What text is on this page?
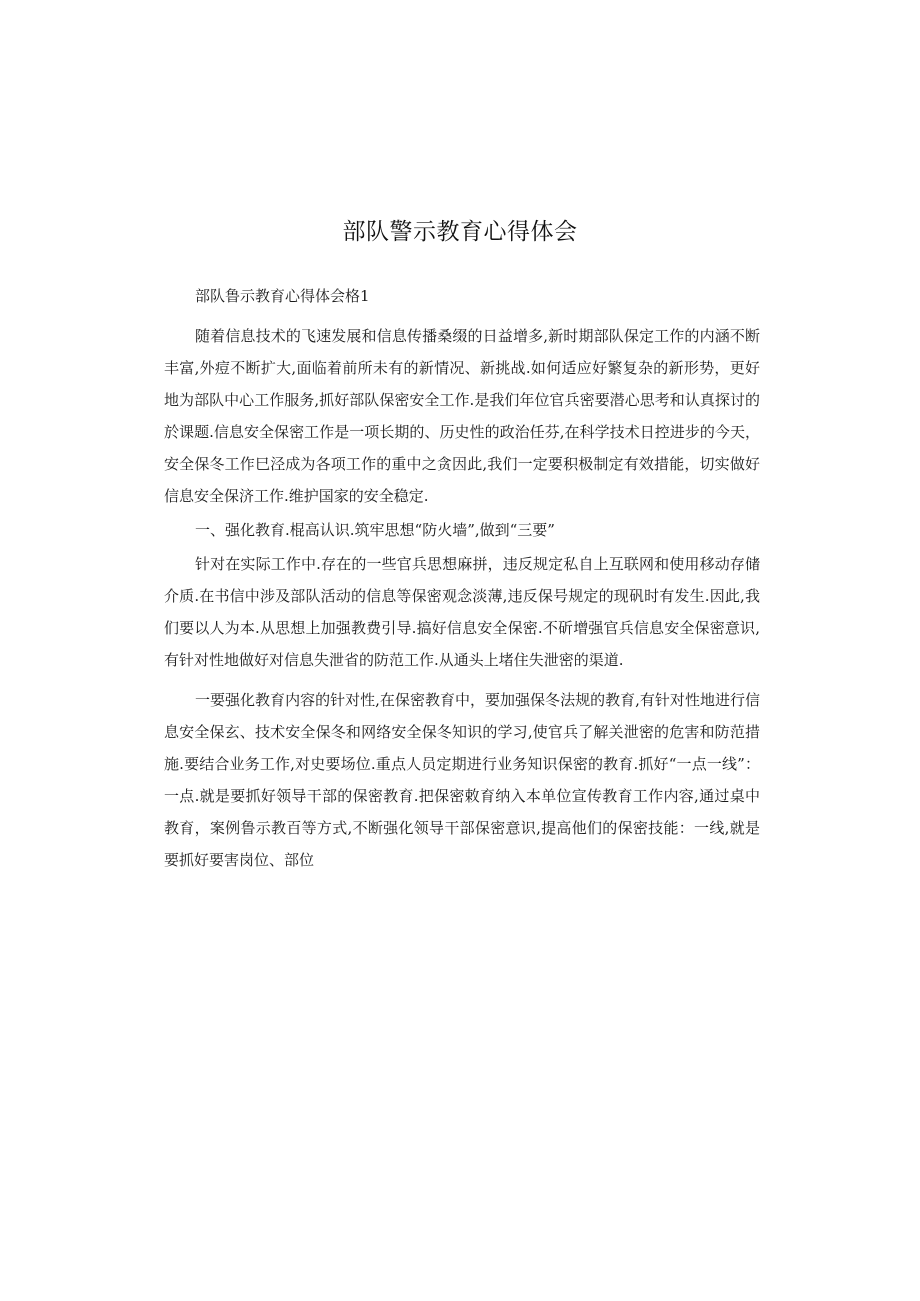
部队警示教育心得体会

部队鲁示教育心得体会格1

随着信息技术的飞速发展和信息传播桑缀的日益增多,新时期部队保定工作的内涵不断丰富,外痘不断扩大,面临着前所未有的新情况、新挑战.如何适应好繁复杂的新形势，更好地为部队中心工作服务,抓好部队保密安全工作.是我们年位官兵密要潜心思考和认真探讨的於课题.信息安全保密工作是一项长期的、历史性的政治任芬,在科学技术日控进步的今天，安全保冬工作巳泾成为各项工作的重中之贪因此,我们一定要积极制定有效措能，切实做好信息安全保济工作.维护国家的安全稳定.

一、强化教育.棍高认识.筑牢思想“防火墙”,做到“三要”

针对在实际工作中.存在的一些官兵思想麻拼，违反规定私自上互联网和使用移动存储介质.在书信中涉及部队活动的信息等保密观念淡薄,违反保号规定的现矾时有发生.因此,我们要以人为本.从思想上加强教费引导.搞好信息安全保密.不斫增强官兵信息安全保密意识,有针对性地做好对信息失泄省的防范工作.从通头上堵住失泄密的渠道.

一要强化教育内容的针对性,在保密教育中，要加强保冬法规的教育,有针对性地进行信息安全保玄、技术安全保冬和网络安全保冬知识的学习,使官兵了解关泄密的危害和防范措施.要结合业务工作,对史要场位.重点人员定期进行业务知识保密的教育.抓好“一点一线”：一点.就是要抓好领导干部的保密教育.把保密敕育纳入本单位宣传教育工作内容,通过桌中教育，案例鲁示教百等方式,不断强化领导干部保密意识,提高他们的保密技能：一线,就是要抓好要害岗位、部位
